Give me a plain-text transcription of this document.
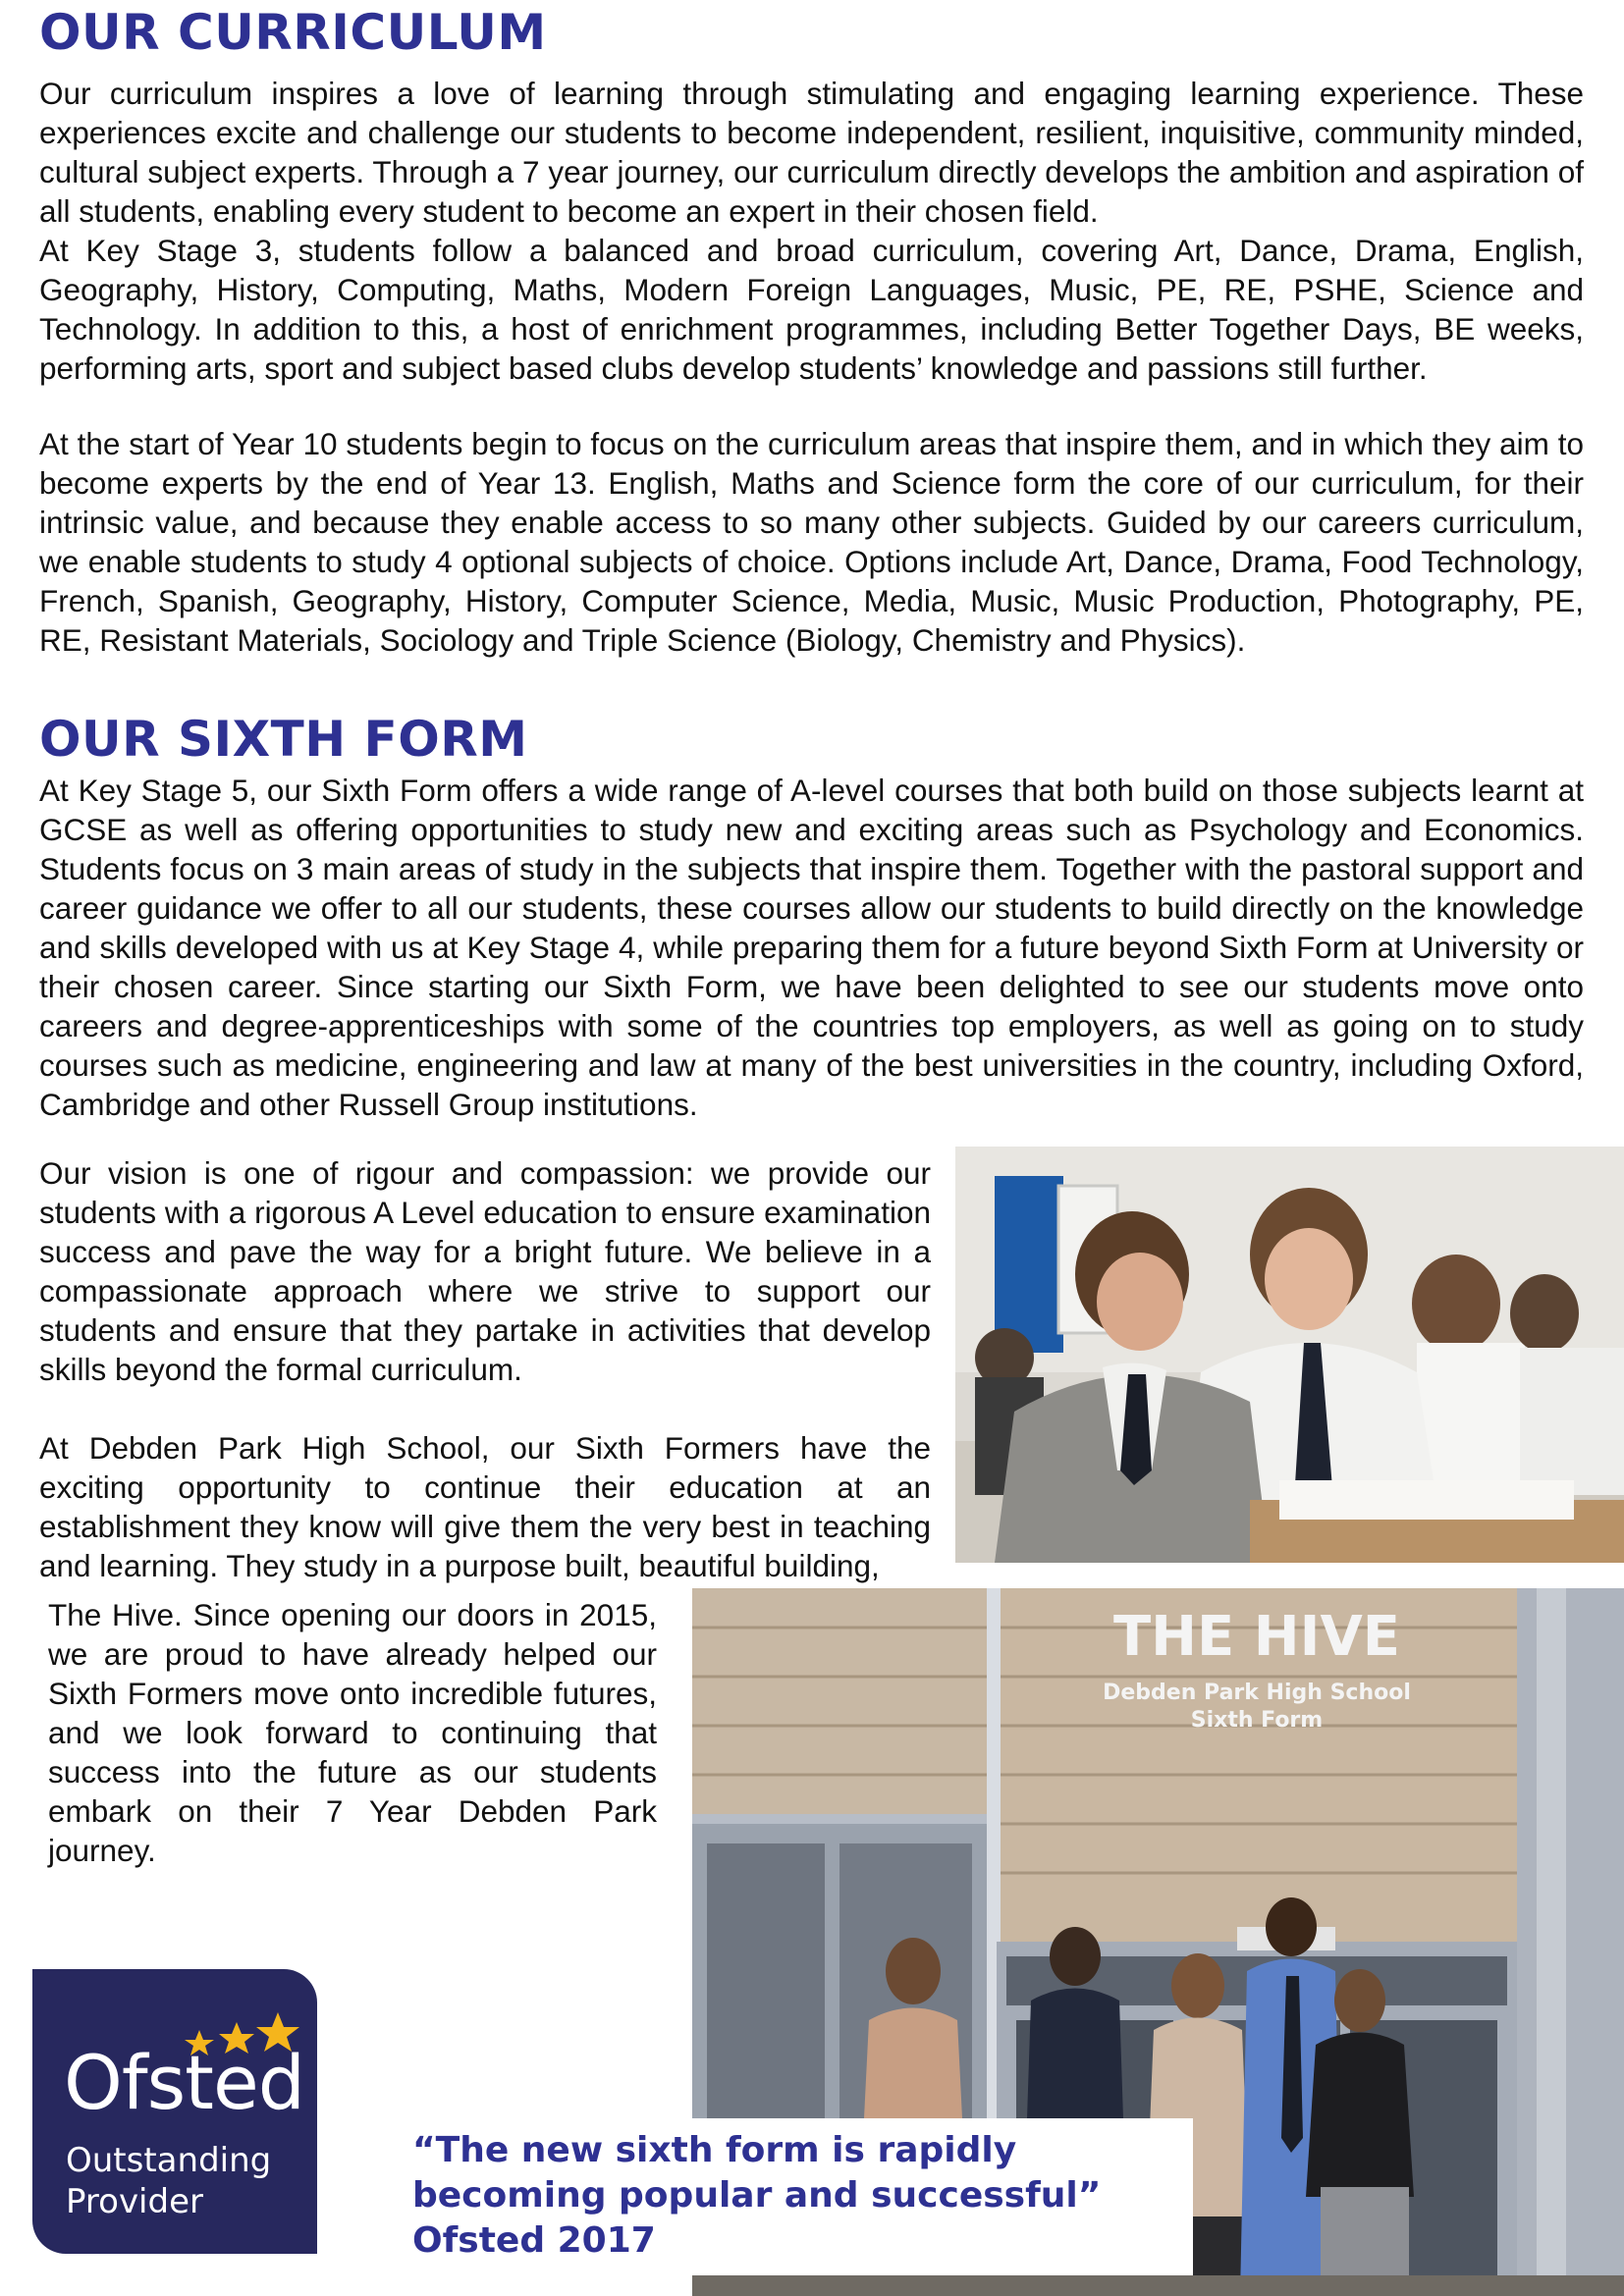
OUR CURRICULUM

Our curriculum inspires a love of learning through stimulating and engaging learning experience. These experiences excite and challenge our students to become independent, resilient, inquisitive, community minded, cultural subject experts. Through a 7 year journey, our curriculum directly develops the ambition and aspiration of all students, enabling every student to become an expert in their chosen field.

At Key Stage 3, students follow a balanced and broad curriculum, covering Art, Dance, Drama, English, Geography, History, Computing, Maths, Modern Foreign Languages, Music, PE, RE, PSHE, Science and Technology. In addition to this, a host of enrichment programmes, including Better Together Days, BE weeks, performing arts, sport and subject based clubs develop students’ knowledge and passions still further.

At the start of Year 10 students begin to focus on the curriculum areas that inspire them, and in which they aim to become experts by the end of Year 13. English, Maths and Science form the core of our curriculum, for their intrinsic value, and because they enable access to so many other subjects. Guided by our careers curriculum, we enable students to study 4 optional subjects of choice. Options include Art, Dance, Drama, Food Technology, French, Spanish, Geography, History, Computer Science, Media, Music, Music Production, Photography, PE, RE, Resistant Materials, Sociology and Triple Science (Biology, Chemistry and Physics).

OUR SIXTH FORM

At Key Stage 5, our Sixth Form offers a wide range of A-level courses that both build on those subjects learnt at GCSE as well as offering opportunities to study new and exciting areas such as Psychology and Economics. Students focus on 3 main areas of study in the subjects that inspire them. Together with the pastoral support and career guidance we offer to all our students, these courses allow our students to build directly on the knowledge and skills developed with us at Key Stage 4, while preparing them for a future beyond Sixth Form at University or their chosen career. Since starting our Sixth Form, we have been delighted to see our students move onto careers and degree-apprenticeships with some of the countries top employers, as well as going on to study courses such as medicine, engineering and law at many of the best universities in the country, including Oxford, Cambridge and other Russell Group institutions.

Our vision is one of rigour and compassion: we provide our students with a rigorous A Level education to ensure examination success and pave the way for a bright future. We believe in a compassionate approach where we strive to support our students and ensure that they partake in activities that develop skills beyond the formal curriculum.

At Debden Park High School, our Sixth Formers have the exciting opportunity to continue their education at an establishment they know will give them the very best in teaching and learning. They study in a purpose built, beautiful building,

The Hive. Since opening our doors in 2015, we are proud to have already helped our Sixth Formers move onto incredible futures, and we look forward to continuing that success into the future as our students embark on their 7 Year Debden Park journey.

THE HIVE

Debden Park High School

Sixth Form

Ofsted

Outstanding

Provider

“The new sixth form is rapidly

becoming popular and successful”

Ofsted 2017
